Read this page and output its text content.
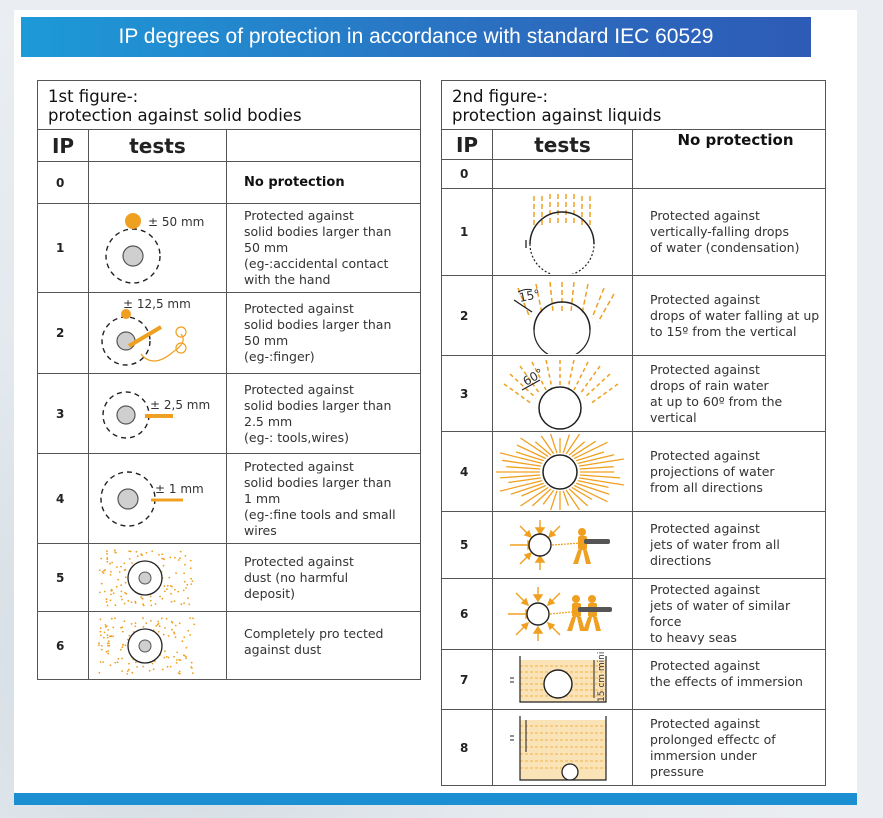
IP degrees of protection in accordance with standard IEC 60529
1st figure-:
protection against solid bodies		

IP	tests	
0		No protection

1	± 50 mm	Protected against
solid bodies larger than
50 mm
(eg-:accidental contact
with the hand

2	± 12,5 mm	Protected against
solid bodies larger than
50 mm
(eg-:finger)

3	± 2,5 mm	Protected against
solid bodies larger than
2.5 mm
(eg-: tools,wires)

4	± 1 mm	Protected against
solid bodies larger than
1 mm
(eg-:fine tools and small
wires

5		Protected against
dust (no harmful
deposit)

6		Completely pro tected
against dust
2nd figure-:
protection against liquids		

IP	tests	No protection

0		
1		Protected against
vertically-falling drops
of water (condensation)

2	15°	Protected against
drops of water falling at up
to 15º from the vertical

3	60°	Protected against
drops of rain water
at up to 60º from the
vertical

4		Protected against
projections of water
from all directions

5		Protected against
jets of water from all
directions

6		Protected against
jets of water of similar force
to heavy seas

7	15 cm mini	Protected against
the effects of immersion

8		Protected against
prolonged effectc of
immersion under
pressure
